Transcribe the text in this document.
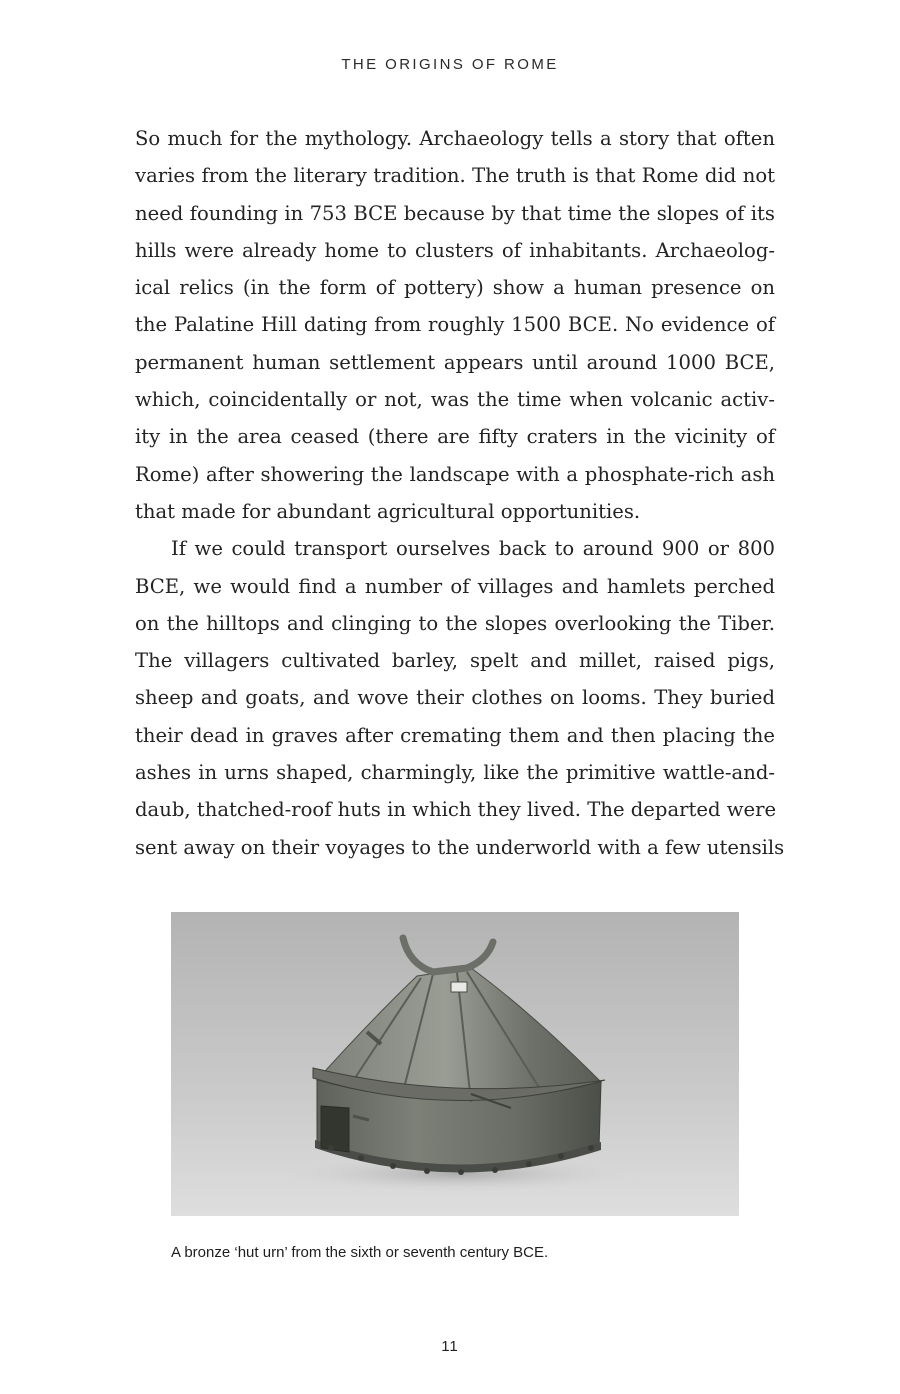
THE ORIGINS OF ROME
So much for the mythology. Archaeology tells a story that often
varies from the literary tradition. The truth is that Rome did not
need founding in 753 BCE because by that time the slopes of its
hills were already home to clusters of inhabitants. Archaeolog-
ical relics (in the form of pottery) show a human presence on
the Palatine Hill dating from roughly 1500 BCE. No evidence of
permanent human settlement appears until around 1000 BCE,
which, coincidentally or not, was the time when volcanic activ-
ity in the area ceased (there are fifty craters in the vicinity of
Rome) after showering the landscape with a phosphate-rich ash
that made for abundant agricultural opportunities.
If we could transport ourselves back to around 900 or 800
BCE, we would find a number of villages and hamlets perched
on the hilltops and clinging to the slopes overlooking the Tiber.
The villagers cultivated barley, spelt and millet, raised pigs,
sheep and goats, and wove their clothes on looms. They buried
their dead in graves after cremating them and then placing the
ashes in urns shaped, charmingly, like the primitive wattle-and-
daub, thatched-roof huts in which they lived. The departed were
sent away on their voyages to the underworld with a few utensils
A bronze ‘hut urn’ from the sixth or seventh century BCE.
11
